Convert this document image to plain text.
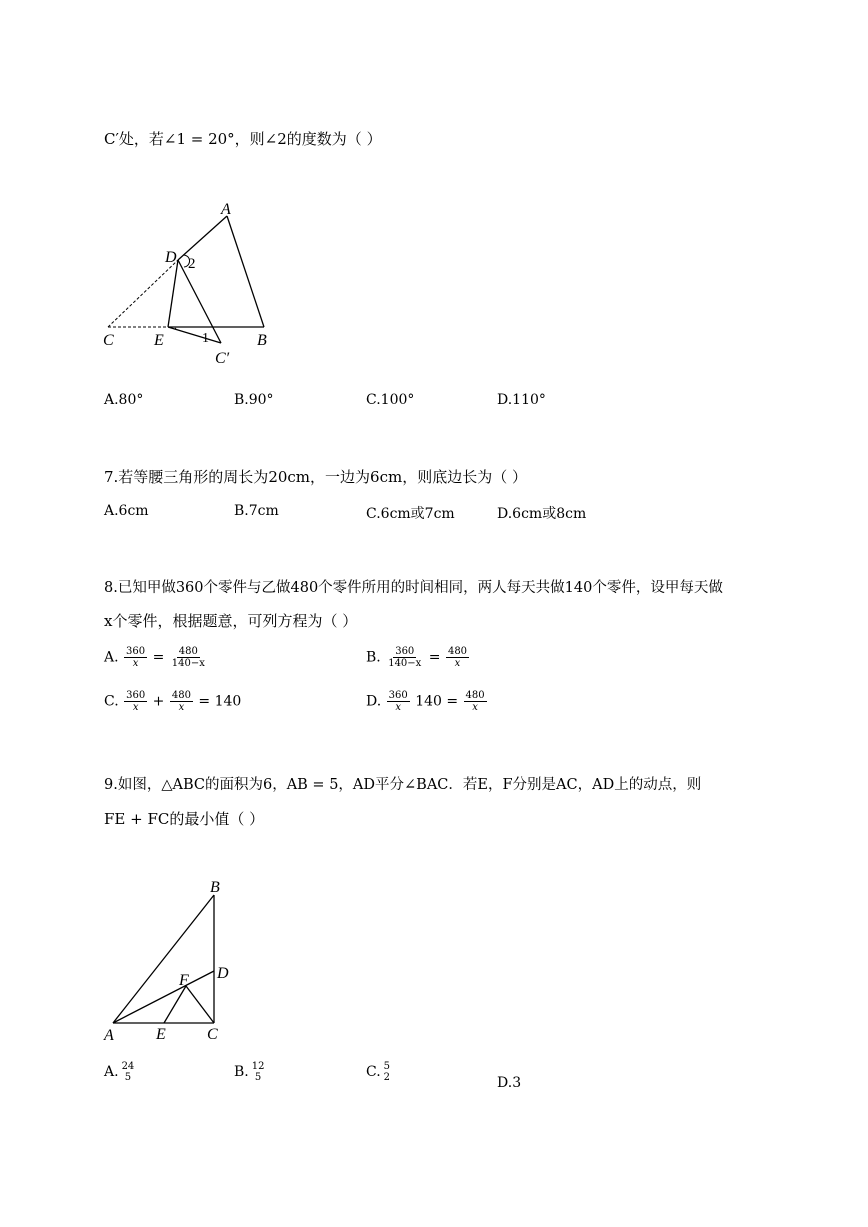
C′处，若∠1 = 20°，则∠2的度数为（ ）
A
D 2
C	E	1	B
C′
A.80°	B.90°	C.100°	D.110°
7.若等腰三角形的周长为20cm，一边为6cm，则底边长为（ ）
A.6cm	B.7cm	C.6cm或7cm	D.6cm或8cm
8.已知甲做360个零件与乙做480个零件所用的时间相同，两人每天共做140个零件，设甲每天做
x个零件，根据题意，可列方程为（ ）
A. $\frac{360}{x} = \frac{480}{140-x}$	B. $\frac{360}{140-x} = \frac{480}{x}$
C. $\frac{360}{x} + \frac{480}{x} = 140$	D. $\frac{360}{x} 140 = \frac{480}{x}$
9.如图，△ABC的面积为6，AB = 5，AD平分∠BAC．若E，F分别是AC，AD上的动点，则
FE + FC的最小值（ ）
B
D
F
A	E	C
A. 24
5	B. 12
5	C. 5
2	D.3
